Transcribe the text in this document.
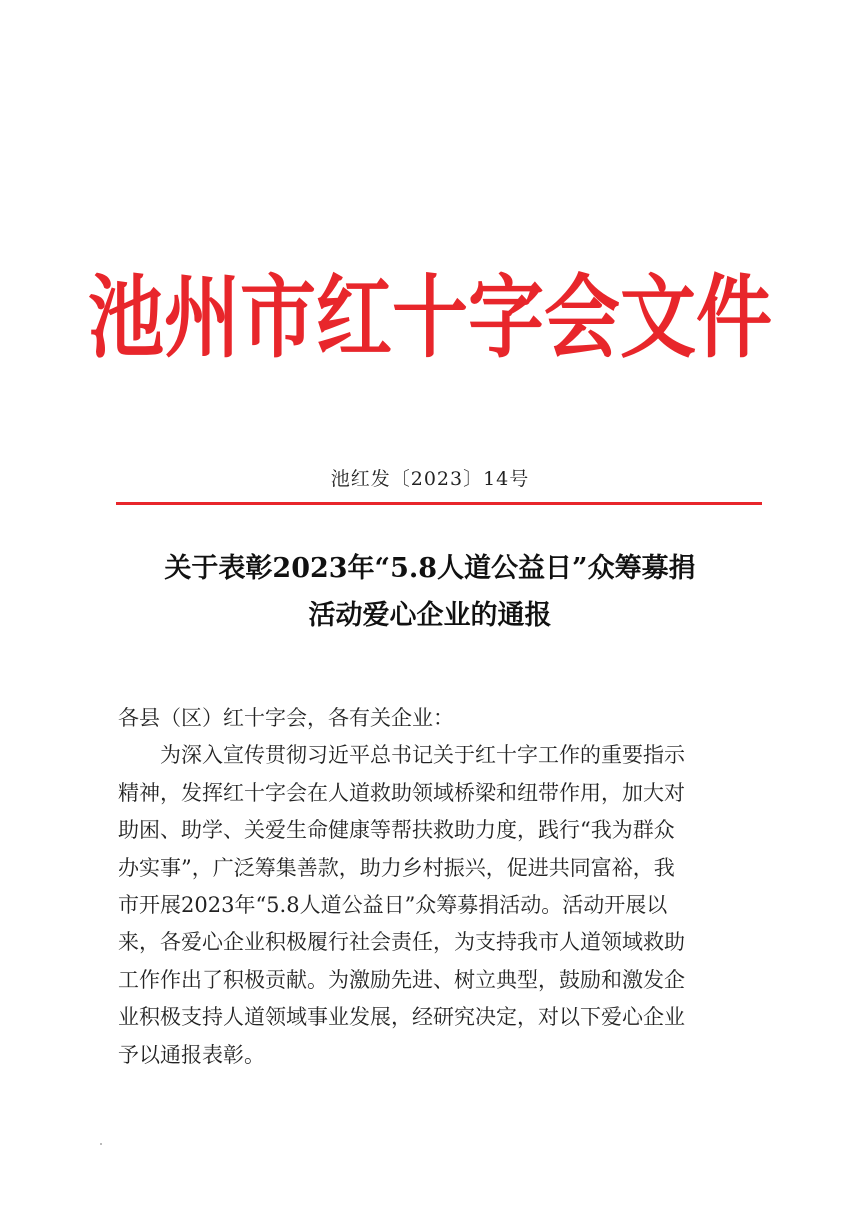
池州市红十字会文件
池红发〔2023〕14号
关于表彰2023年“5.8人道公益日”众筹募捐
活动爱心企业的通报
各县（区）红十字会，各有关企业：
为深入宣传贯彻习近平总书记关于红十字工作的重要指示
精神，发挥红十字会在人道救助领域桥梁和纽带作用，加大对
助困、助学、关爱生命健康等帮扶救助力度，践行“我为群众
办实事”，广泛筹集善款，助力乡村振兴，促进共同富裕，我
市开展2023年“5.8人道公益日”众筹募捐活动。活动开展以
来，各爱心企业积极履行社会责任，为支持我市人道领域救助
工作作出了积极贡献。为激励先进、树立典型，鼓励和激发企
业积极支持人道领域事业发展，经研究决定，对以下爱心企业
予以通报表彰。
